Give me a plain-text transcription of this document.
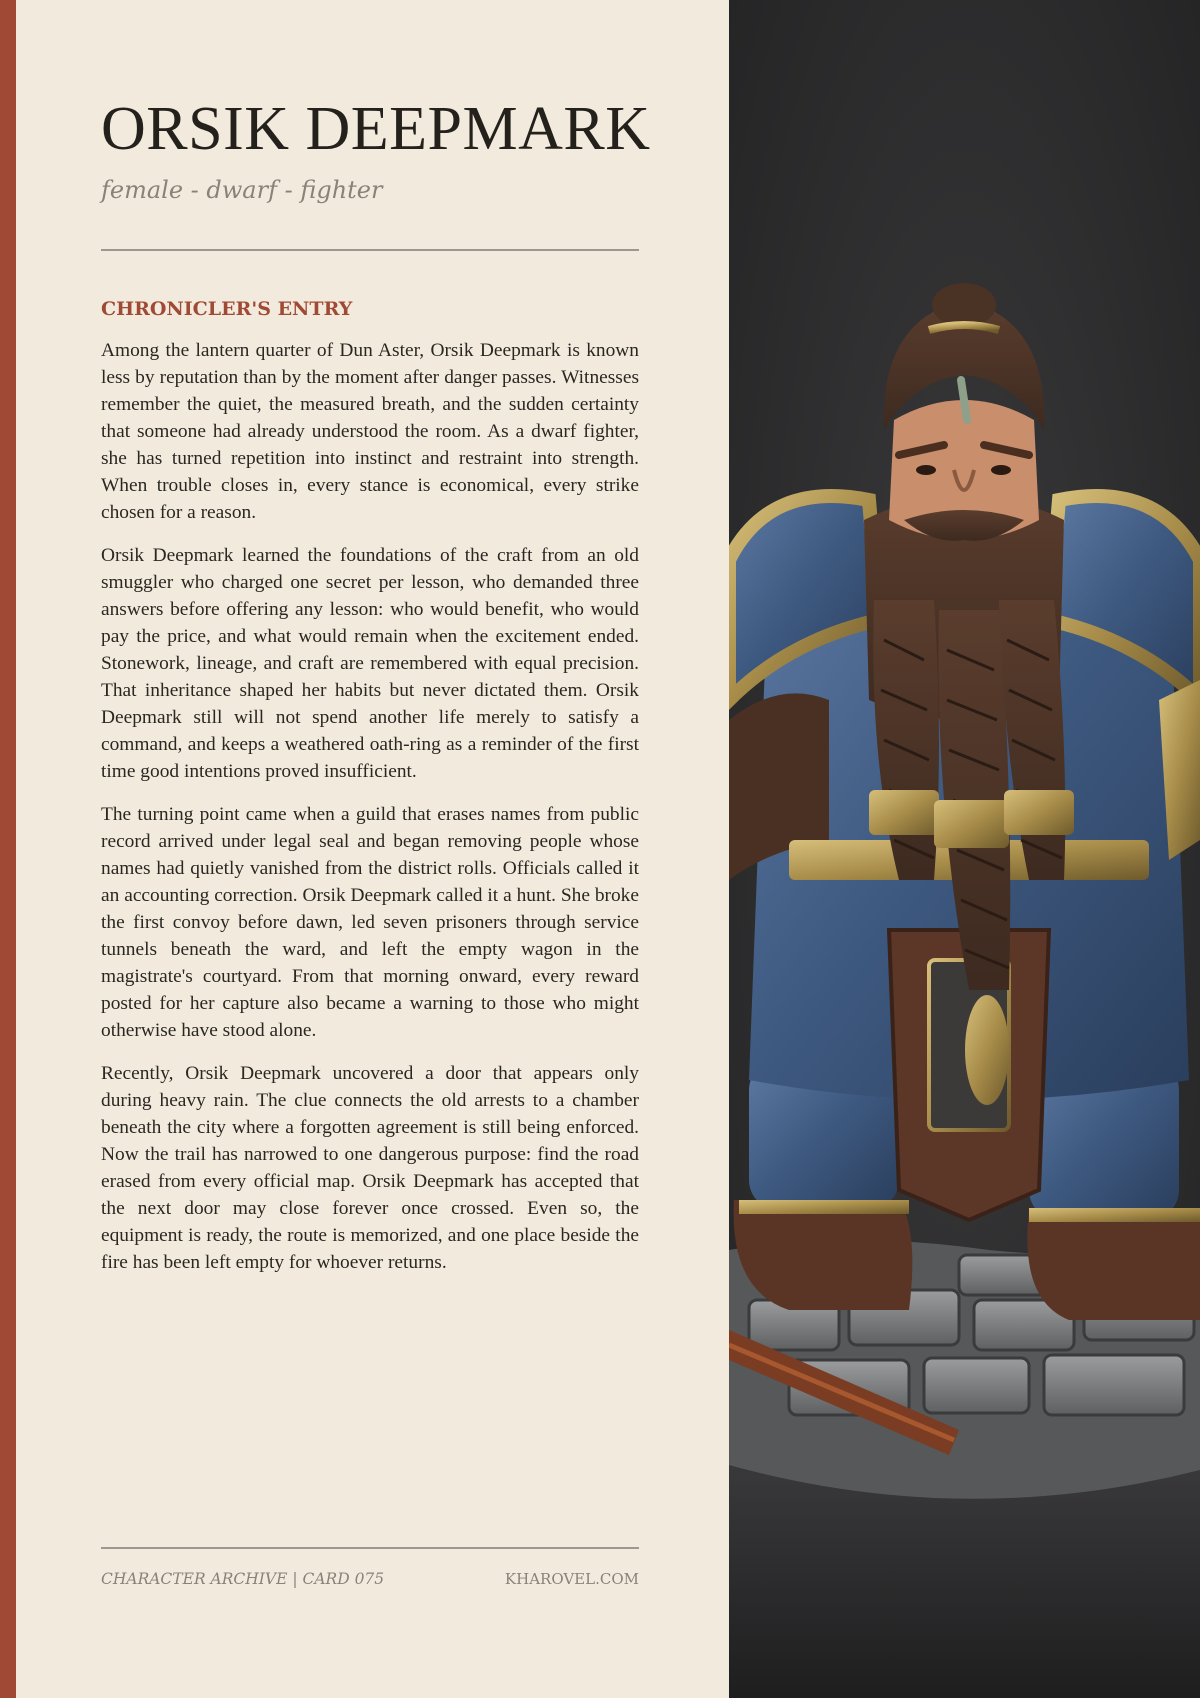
ORSIK DEEPMARK
female - dwarf - fighter
CHRONICLER'S ENTRY

Among the lantern quarter of Dun Aster, Orsik Deepmark is known less by reputation than by the moment after danger passes. Witnesses remember the quiet, the measured breath, and the sudden certainty that someone had already understood the room. As a dwarf fighter, she has turned repetition into instinct and restraint into strength. When trouble closes in, every stance is economical, every strike chosen for a reason.

Orsik Deepmark learned the foundations of the craft from an old smuggler who charged one secret per lesson, who demanded three answers before offering any lesson: who would benefit, who would pay the price, and what would remain when the excitement ended. Stonework, lineage, and craft are remembered with equal precision. That inheritance shaped her habits but never dictated them. Orsik Deepmark still will not spend another life merely to satisfy a command, and keeps a weathered oath-ring as a reminder of the first time good intentions proved insufficient.

The turning point came when a guild that erases names from public record arrived under legal seal and began removing people whose names had quietly vanished from the district rolls. Officials called it an accounting correction. Orsik Deepmark called it a hunt. She broke the first convoy before dawn, led seven prisoners through service tunnels beneath the ward, and left the empty wagon in the magistrate's courtyard. From that morning onward, every reward posted for her capture also became a warning to those who might otherwise have stood alone.

Recently, Orsik Deepmark uncovered a door that appears only during heavy rain. The clue connects the old arrests to a chamber beneath the city where a forgotten agreement is still being enforced. Now the trail has narrowed to one dangerous purpose: find the road erased from every official map. Orsik Deepmark has accepted that the next door may close forever once crossed. Even so, the equipment is ready, the route is memorized, and one place beside the fire has been left empty for whoever returns.

CHARACTER ARCHIVE | CARD 075	KHAROVEL.COM
